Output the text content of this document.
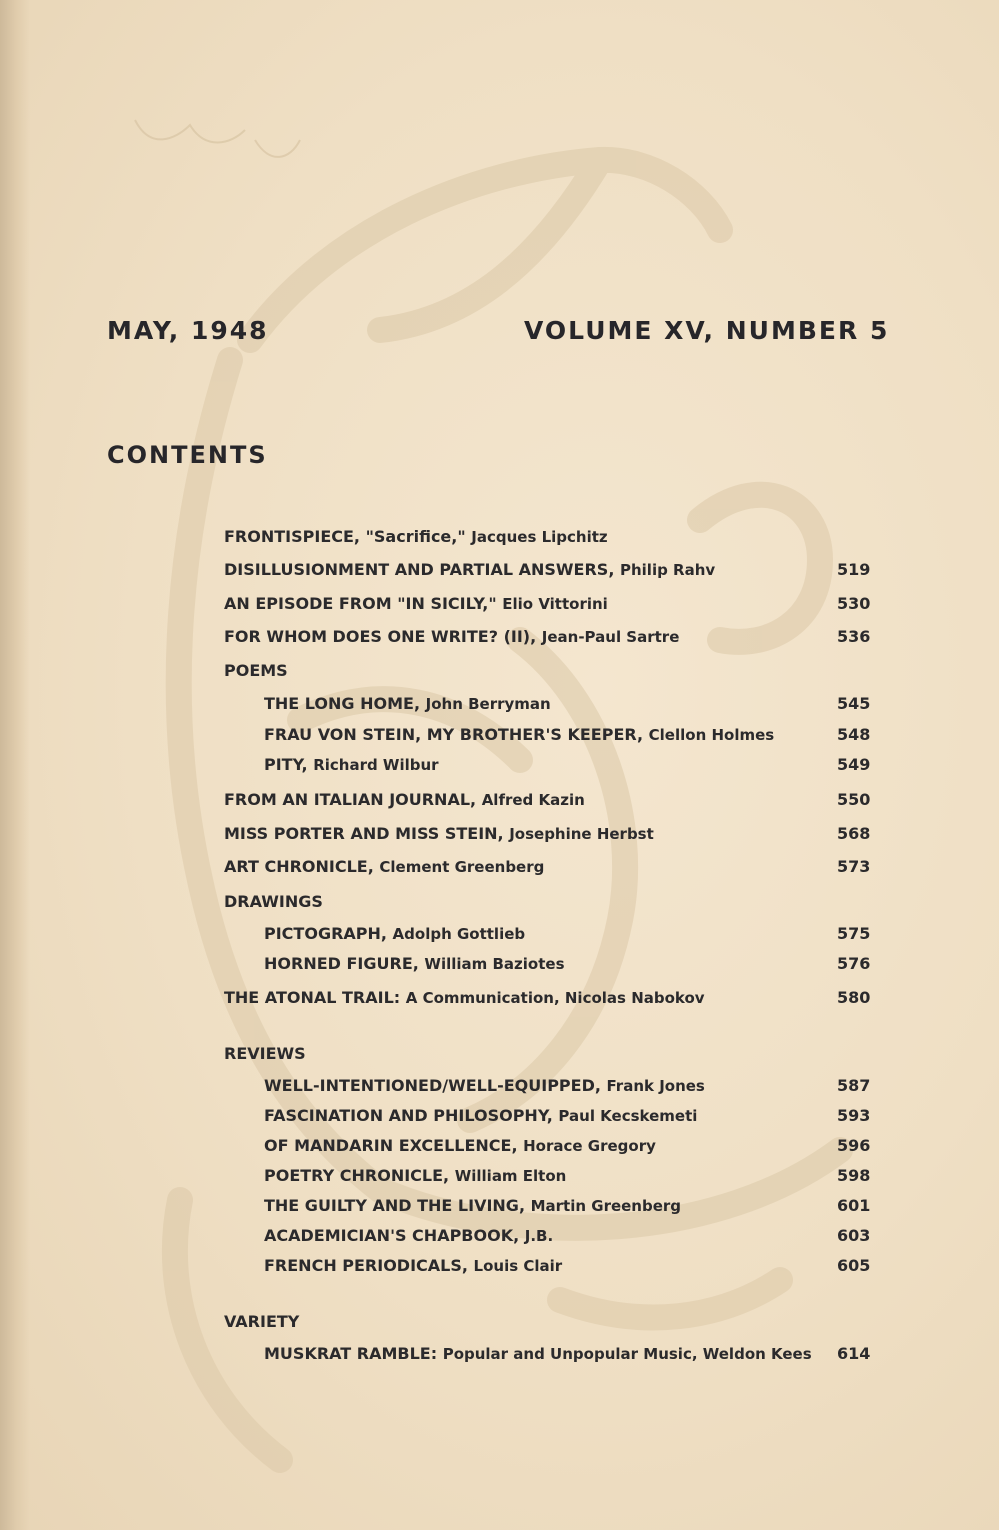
MAY, 1948	VOLUME XV, NUMBER 5
CONTENTS
FRONTISPIECE, "Sacrifice," Jacques Lipchitz
DISILLUSIONMENT AND PARTIAL ANSWERS, Philip Rahv	519
AN EPISODE FROM "IN SICILY," Elio Vittorini	530
FOR WHOM DOES ONE WRITE? (II), Jean-Paul Sartre	536
POEMS
THE LONG HOME, John Berryman	545
FRAU VON STEIN, MY BROTHER'S KEEPER, Clellon Holmes	548
PITY, Richard Wilbur	549
FROM AN ITALIAN JOURNAL, Alfred Kazin	550
MISS PORTER AND MISS STEIN, Josephine Herbst	568
ART CHRONICLE, Clement Greenberg	573
DRAWINGS
PICTOGRAPH, Adolph Gottlieb	575
HORNED FIGURE, William Baziotes	576
THE ATONAL TRAIL: A Communication, Nicolas Nabokov	580
REVIEWS
WELL-INTENTIONED/WELL-EQUIPPED, Frank Jones	587
FASCINATION AND PHILOSOPHY, Paul Kecskemeti	593
OF MANDARIN EXCELLENCE, Horace Gregory	596
POETRY CHRONICLE, William Elton	598
THE GUILTY AND THE LIVING, Martin Greenberg	601
ACADEMICIAN'S CHAPBOOK, J.B.	603
FRENCH PERIODICALS, Louis Clair	605
VARIETY
MUSKRAT RAMBLE: Popular and Unpopular Music, Weldon Kees 614
